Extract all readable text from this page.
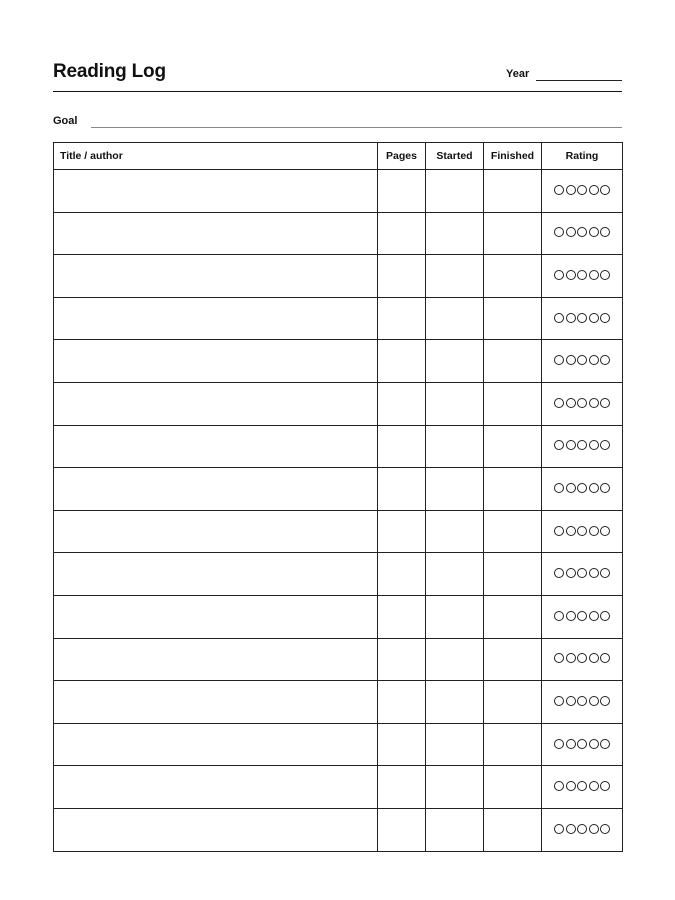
Reading Log	Year
Goal
Title / author	Pages	Started	Finished	Rating
